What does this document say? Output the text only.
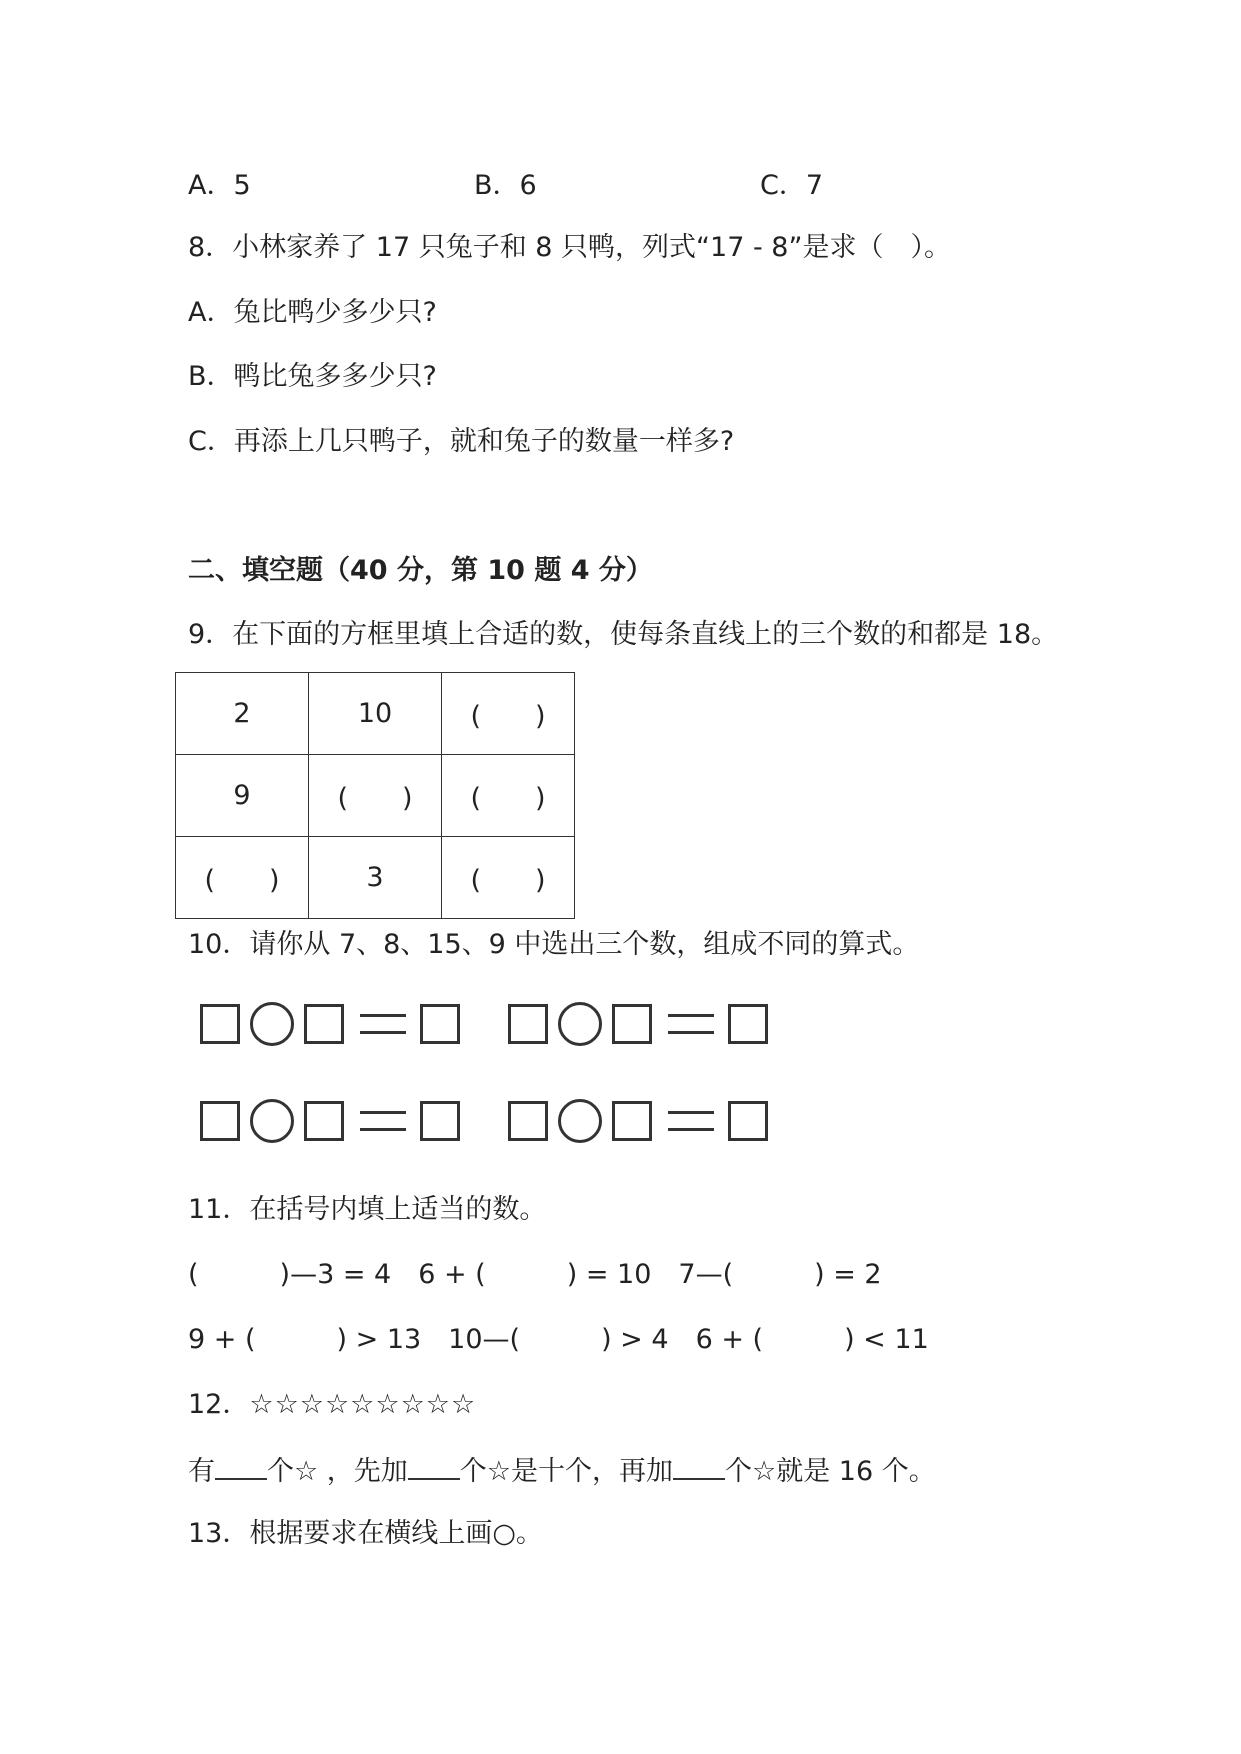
A．5	B．6	C．7
8．小林家养了 17 只兔子和 8 只鸭，列式“17 - 8”是求（　）。
A．兔比鸭少多少只?
B．鸭比兔多多少只?
C．再添上几只鸭子，就和兔子的数量一样多?
二、填空题（40 分，第 10 题 4 分）
9．在下面的方框里填上合适的数，使每条直线上的三个数的和都是 18。
2	10	(　　)
9	(　　)	(　　)
(　　)	3	(　　)
10．请你从 7、8、15、9 中选出三个数，组成不同的算式。
11．在括号内填上适当的数。
(　　　)—3 = 4　6 + (　　　) = 10　7—(　　　) = 2
9 + (　　　) > 13　10—(　　　) > 4　6 + (　　　) < 11
12．☆☆☆☆☆☆☆☆☆
有 个☆ ，先加 个☆是十个，再加 个☆就是 16 个。
13．根据要求在横线上画○。
